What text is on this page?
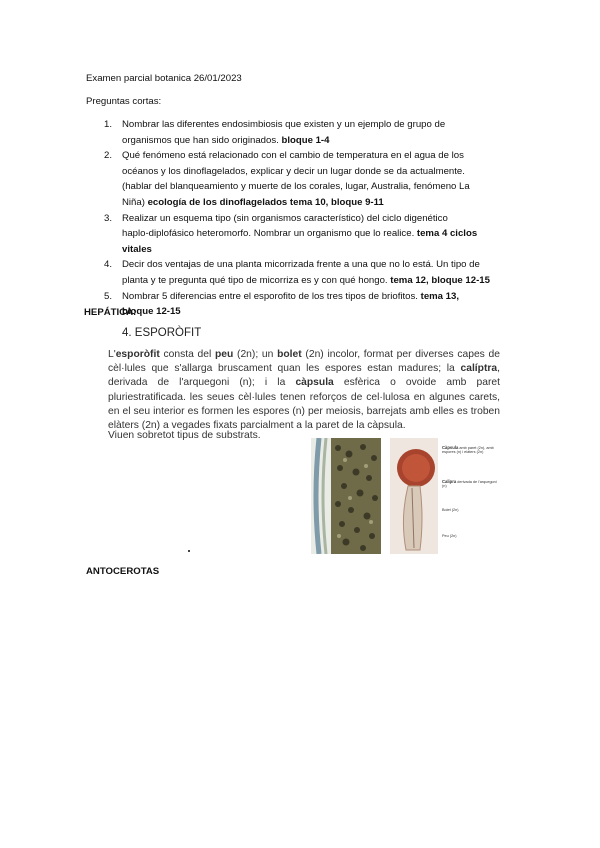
Examen parcial botanica 26/01/2023
Preguntas cortas:
1. Nombrar las diferentes endosimbiosis que existen y un ejemplo de grupo de
organismos que han sido originados. bloque 1-4
2. Qué fenómeno está relacionado con el cambio de temperatura en el agua de los
océanos y los dinoflagelados, explicar y decir un lugar donde se da actualmente.
(hablar del blanqueamiento y muerte de los corales, lugar, Australia, fenómeno La
Niña) ecología de los dinoflagelados tema 10, bloque 9-11
3. Realizar un esquema tipo (sin organismos característico) del ciclo digenético
haplo-diplofásico heteromorfo. Nombrar un organismo que lo realice. tema 4 ciclos
vitales
4. Decir dos ventajas de una planta micorrizada frente a una que no lo está. Un tipo de
planta y te pregunta qué tipo de micorriza es y con qué hongo. tema 12, bloque 12-15
5. Nombrar 5 diferencias entre el esporofito de los tres tipos de briofitos. tema 13,
bloque 12-15
HEPÁTICA:
4. ESPORÒFIT
L'esporòfit consta del peu (2n); un bolet (2n) incolor, format per diverses capes de cèl·lules que s'allarga bruscament quan les espores estan madures; la calíptra, derivada de l'arquegoni (n); i la càpsula esfèrica o ovoide amb paret pluriestratificada. les seues cèl·lules tenen reforços de cel·lulosa en algunes carets, en el seu interior es formen les espores (n) per meiosis, barrejats amb elles es troben elàters (2n) a vegades fixats parcialment a la paret de la càpsula.
Viuen sobretot tipus de substrats.
Càpsula amb paret (2n), amb espores (n) i elàters (2n)
Calipra derivada de l'arquegoni (n)
Bolet (2n)
Peu (2n)
ANTOCEROTAS
